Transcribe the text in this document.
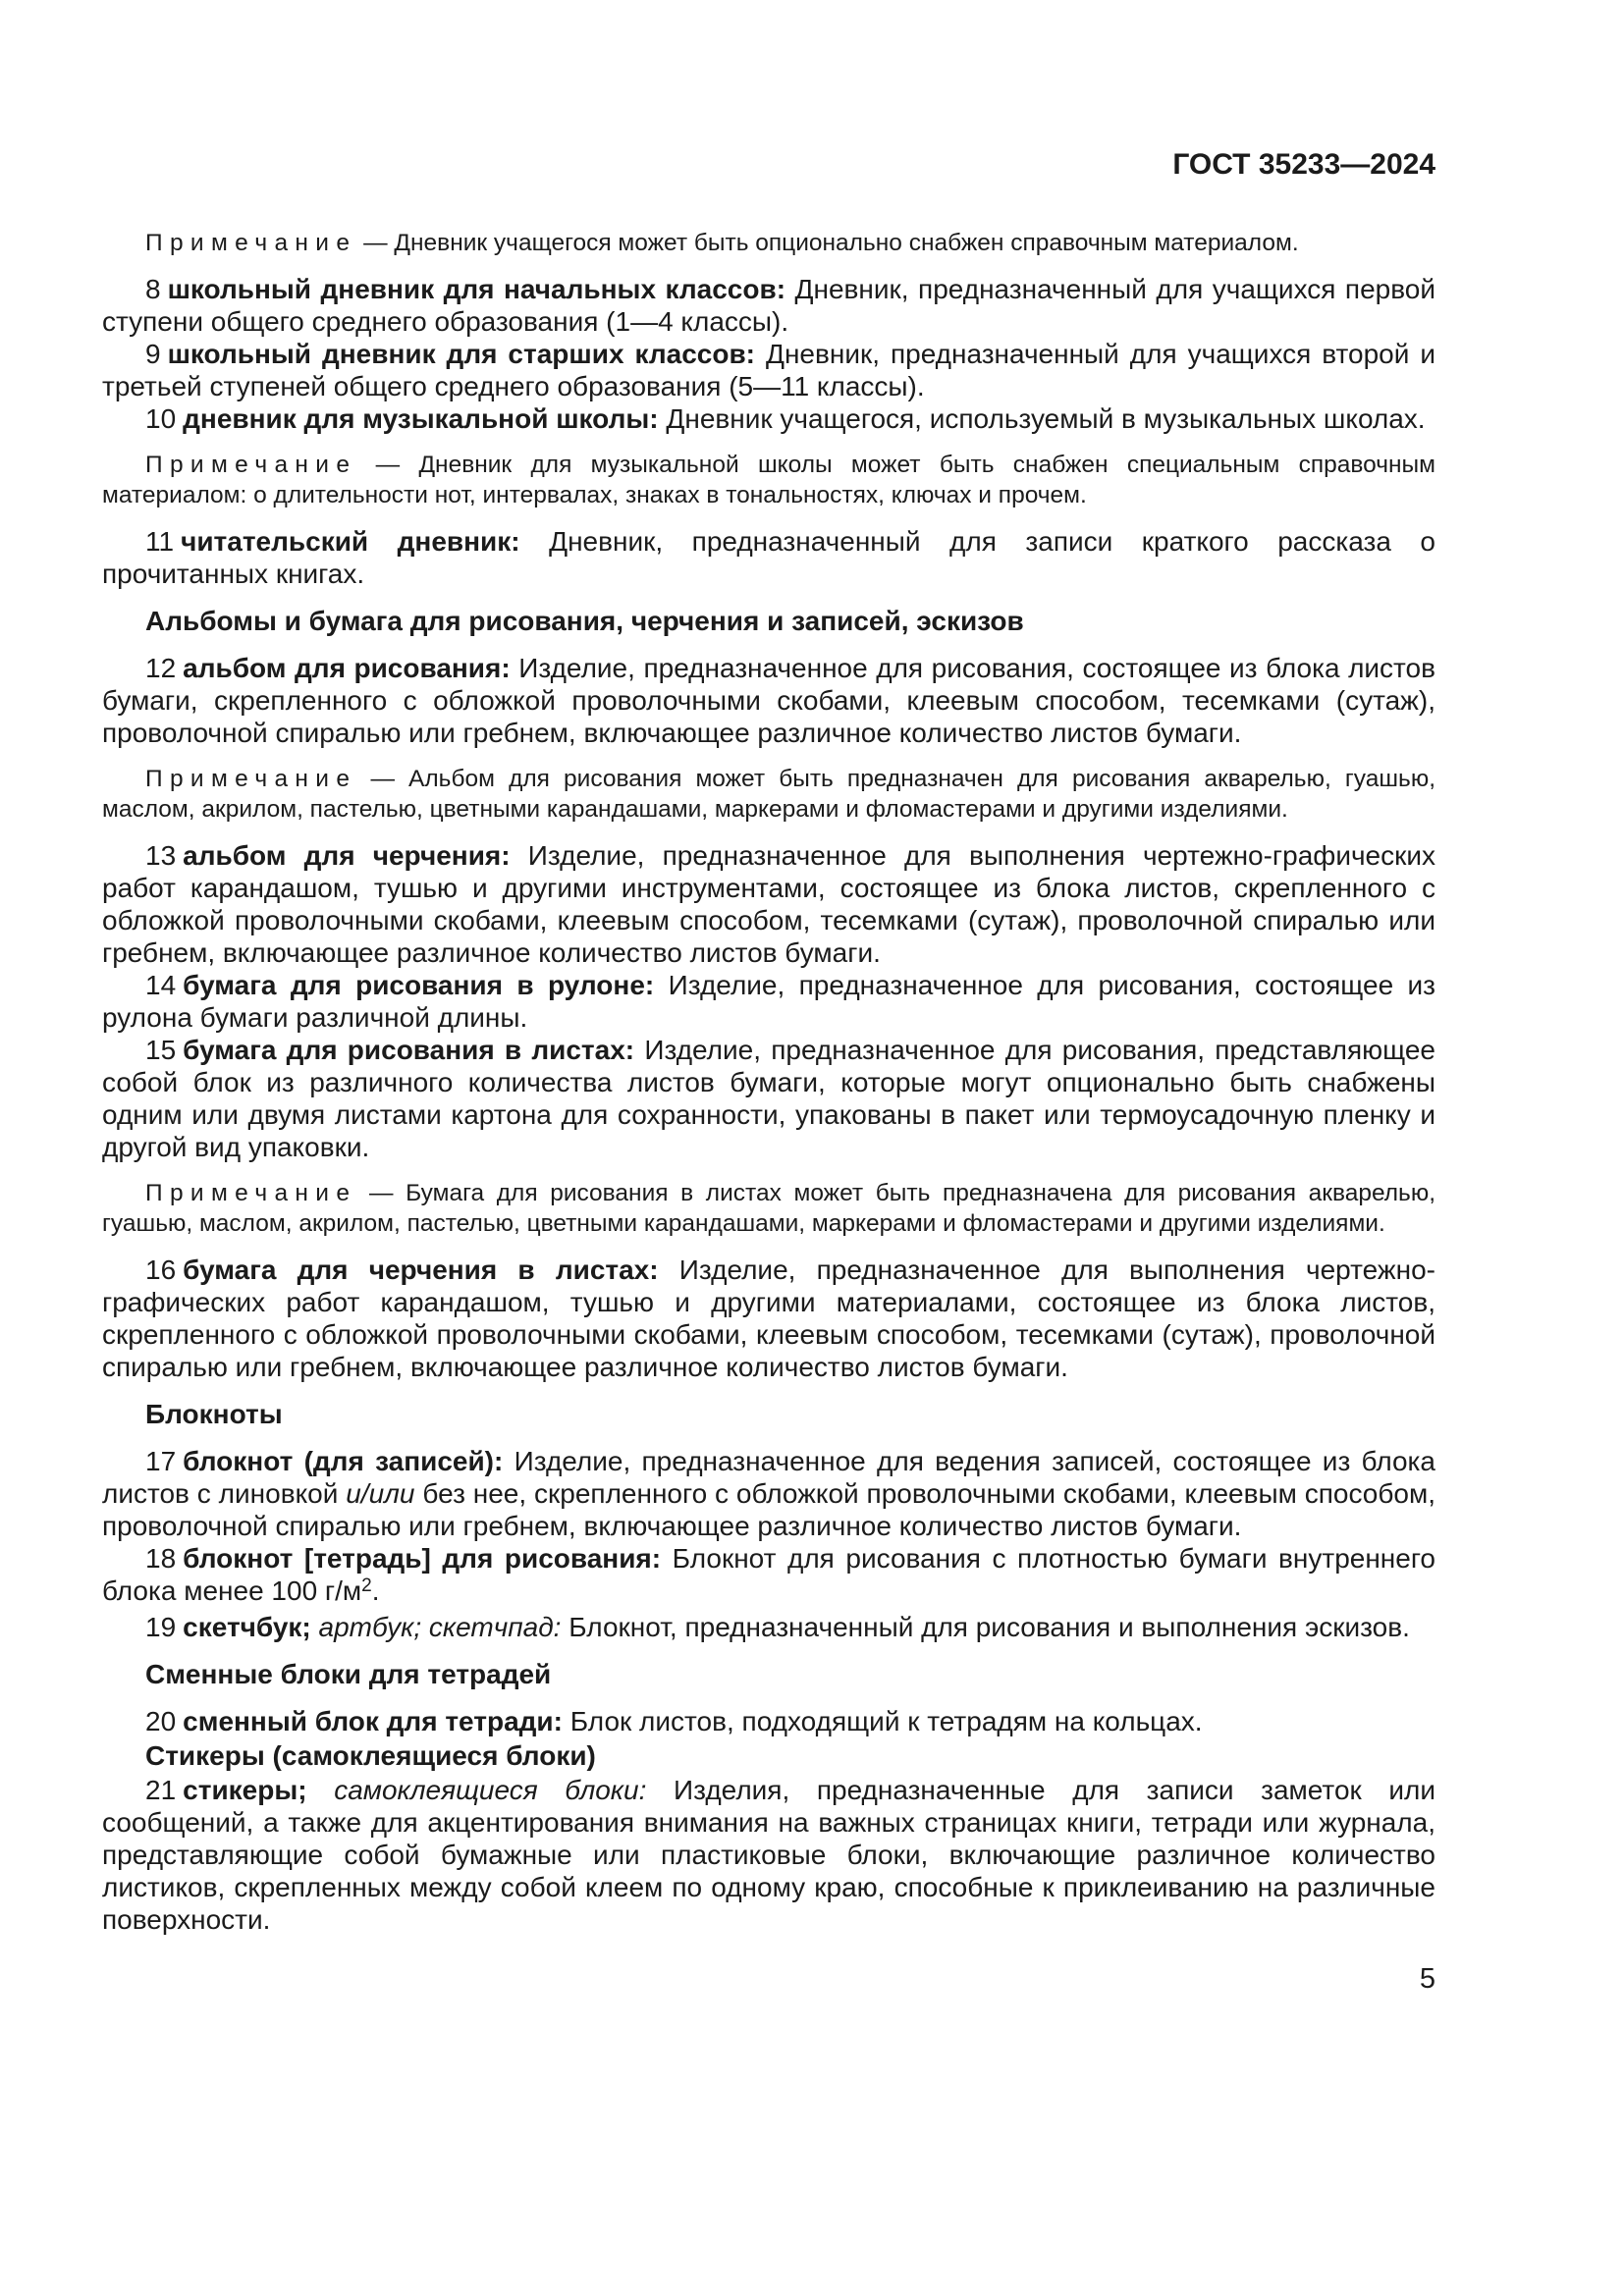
ГОСТ 35233—2024

Примечание — Дневник учащегося может быть опционально снабжен справочным материалом.

8 школьный дневник для начальных классов: Дневник, предназначенный для учащихся первой ступени общего среднего образования (1—4 классы).

9 школьный дневник для старших классов: Дневник, предназначенный для учащихся второй и третьей ступеней общего среднего образования (5—11 классы).

10 дневник для музыкальной школы: Дневник учащегося, используемый в музыкальных школах.

Примечание — Дневник для музыкальной школы может быть снабжен специальным справочным материалом: о длительности нот, интервалах, знаках в тональностях, ключах и прочем.

11 читательский дневник: Дневник, предназначенный для записи краткого рассказа о прочитанных книгах.

Альбомы и бумага для рисования, черчения и записей, эскизов

12 альбом для рисования: Изделие, предназначенное для рисования, состоящее из блока листов бумаги, скрепленного с обложкой проволочными скобами, клеевым способом, тесемками (сутаж), проволочной спиралью или гребнем, включающее различное количество листов бумаги.

Примечание — Альбом для рисования может быть предназначен для рисования акварелью, гуашью, маслом, акрилом, пастелью, цветными карандашами, маркерами и фломастерами и другими изделиями.

13 альбом для черчения: Изделие, предназначенное для выполнения чертежно-графических работ карандашом, тушью и другими инструментами, состоящее из блока листов, скрепленного с обложкой проволочными скобами, клеевым способом, тесемками (сутаж), проволочной спиралью или гребнем, включающее различное количество листов бумаги.

14 бумага для рисования в рулоне: Изделие, предназначенное для рисования, состоящее из рулона бумаги различной длины.

15 бумага для рисования в листах: Изделие, предназначенное для рисования, представляющее собой блок из различного количества листов бумаги, которые могут опционально быть снабжены одним или двумя листами картона для сохранности, упакованы в пакет или термоусадочную пленку и другой вид упаковки.

Примечание — Бумага для рисования в листах может быть предназначена для рисования акварелью, гуашью, маслом, акрилом, пастелью, цветными карандашами, маркерами и фломастерами и другими изделиями.

16 бумага для черчения в листах: Изделие, предназначенное для выполнения чертежно-графических работ карандашом, тушью и другими материалами, состоящее из блока листов, скрепленного с обложкой проволочными скобами, клеевым способом, тесемками (сутаж), проволочной спиралью или гребнем, включающее различное количество листов бумаги.

Блокноты

17 блокнот (для записей): Изделие, предназначенное для ведения записей, состоящее из блока листов с линовкой и/или без нее, скрепленного с обложкой проволочными скобами, клеевым способом, проволочной спиралью или гребнем, включающее различное количество листов бумаги.

18 блокнот [тетрадь] для рисования: Блокнот для рисования с плотностью бумаги внутреннего блока менее 100 $г/м^2$.

19 скетчбук; артбук; скетчпад: Блокнот, предназначенный для рисования и выполнения эскизов.

Сменные блоки для тетрадей

20 сменный блок для тетради: Блок листов, подходящий к тетрадям на кольцах.

Стикеры (самоклеящиеся блоки)

21 стикеры; самоклеящиеся блоки: Изделия, предназначенные для записи заметок или сообщений, а также для акцентирования внимания на важных страницах книги, тетради или журнала, представляющие собой бумажные или пластиковые блоки, включающие различное количество листиков, скрепленных между собой клеем по одному краю, способные к приклеиванию на различные поверхности.

5
